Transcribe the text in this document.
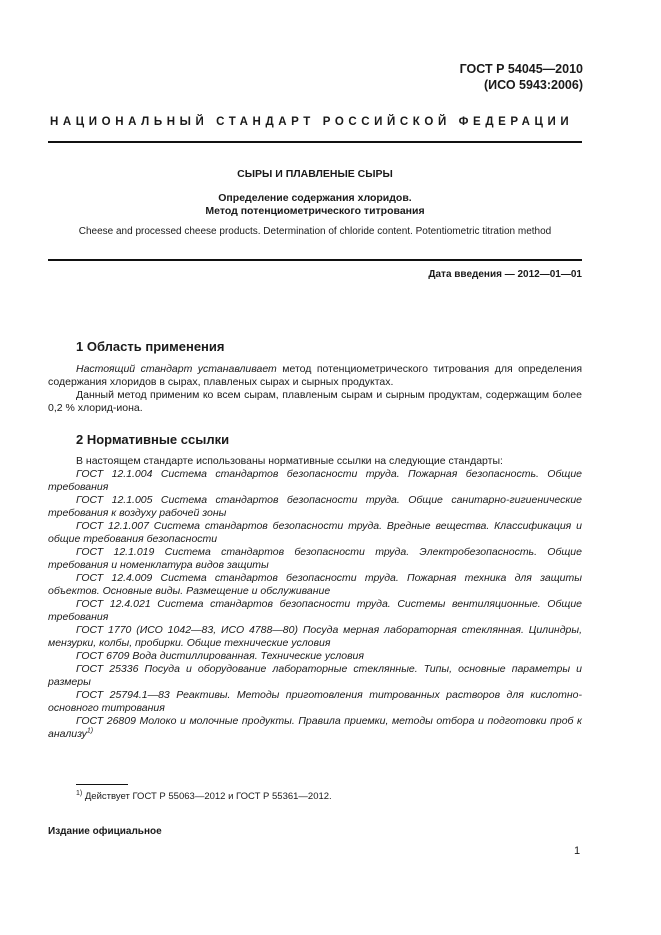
ГОСТ Р 54045—2010
(ИСО 5943:2006)
НАЦИОНАЛЬНЫЙ СТАНДАРТ РОССИЙСКОЙ ФЕДЕРАЦИИ
СЫРЫ И ПЛАВЛЕНЫЕ СЫРЫ
Определение содержания хлоридов.
Метод потенциометрического титрования
Cheese and processed cheese products. Determination of chloride content. Potentiometric titration method
Дата введения — 2012—01—01
1 Область применения

Настоящий стандарт устанавливает метод потенциометрического титрования для определения содержания хлоридов в сырах, плавленых сырах и сырных продуктах.

Данный метод применим ко всем сырам, плавленым сырам и сырным продуктам, содержащим более 0,2 % хлорид-иона.

2 Нормативные ссылки

В настоящем стандарте использованы нормативные ссылки на следующие стандарты:

ГОСТ 12.1.004 Система стандартов безопасности труда. Пожарная безопасность. Общие требования

ГОСТ 12.1.005 Система стандартов безопасности труда. Общие санитарно-гигиенические требования к воздуху рабочей зоны

ГОСТ 12.1.007 Система стандартов безопасности труда. Вредные вещества. Классификация и общие требования безопасности

ГОСТ 12.1.019 Система стандартов безопасности труда. Электробезопасность. Общие требования и номенклатура видов защиты

ГОСТ 12.4.009 Система стандартов безопасности труда. Пожарная техника для защиты объектов. Основные виды. Размещение и обслуживание

ГОСТ 12.4.021 Система стандартов безопасности труда. Системы вентиляционные. Общие требования

ГОСТ 1770 (ИСО 1042—83, ИСО 4788—80) Посуда мерная лабораторная стеклянная. Цилиндры, мензурки, колбы, пробирки. Общие технические условия

ГОСТ 6709 Вода дистиллированная. Технические условия

ГОСТ 25336 Посуда и оборудование лабораторные стеклянные. Типы, основные параметры и размеры

ГОСТ 25794.1—83 Реактивы. Методы приготовления титрованных растворов для кислотно-основного титрования

ГОСТ 26809 Молоко и молочные продукты. Правила приемки, методы отбора и подготовки проб к анализу$^{1)}$

$^{1)}$ Действует ГОСТ Р 55063—2012 и ГОСТ Р 55361—2012.
Издание официальное
1
